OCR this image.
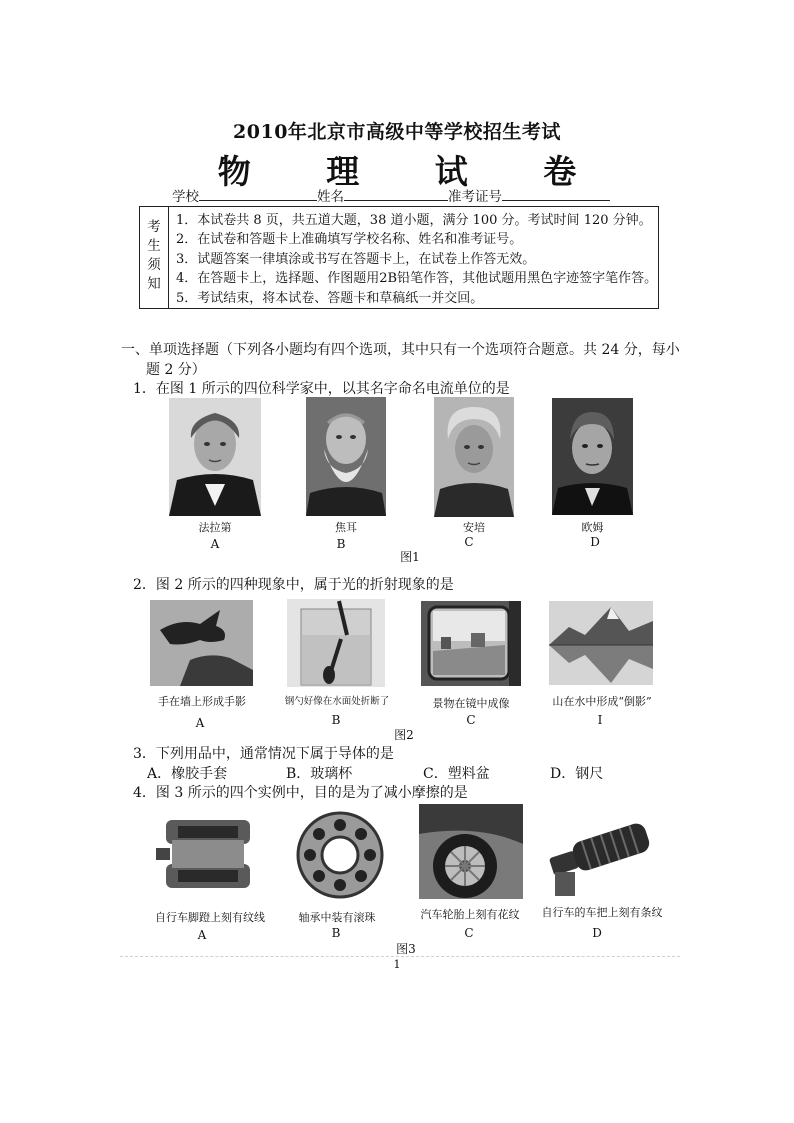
2010年北京市高级中等学校招生考试
物 理 试 卷
学校	姓名	准考证号
考
生
须
知
1．本试卷共 8 页，共五道大题，38 道小题，满分 100 分。考试时间 120 分钟。
2．在试卷和答题卡上准确填写学校名称、姓名和准考证号。
3．试题答案一律填涂或书写在答题卡上，在试卷上作答无效。
4．在答题卡上，选择题、作图题用2B铅笔作答，其他试题用黑色字迹签字笔作答。
5．考试结束，将本试卷、答题卡和草稿纸一并交回。
一、单项选择题（下列各小题均有四个选项，其中只有一个选项符合题意。共 24 分，每小
题 2 分）
1．在图 1 所示的四位科学家中，以其名字命名电流单位的是
法拉第	焦耳	安培	欧姆
A	B	C	D
图1
2．图 2 所示的四种现象中，属于光的折射现象的是
手在墙上形成手影	钢勺好像在水面处折断了	景物在镜中成像	山在水中形成“倒影”
A	B	C	I
图2
3．下列用品中，通常情况下属于导体的是
A．橡胶手套	B．玻璃杯	C．塑料盆	D．钢尺
4．图 3 所示的四个实例中，目的是为了减小摩擦的是
自行车脚蹬上刻有纹线	轴承中装有滚珠	汽车轮胎上刻有花纹	自行车的车把上刻有条纹
A	B	C	D
图3
1
